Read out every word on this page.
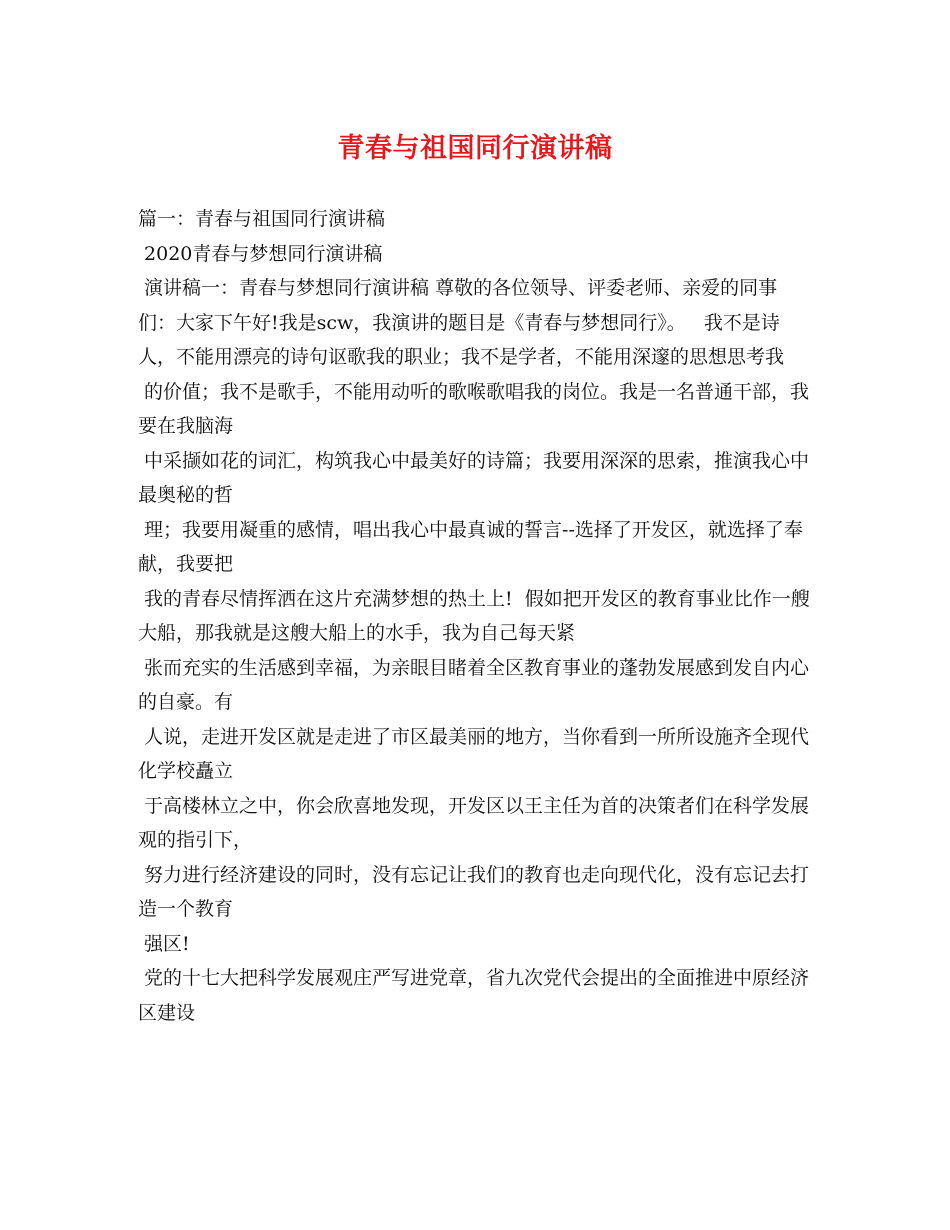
青春与祖国同行演讲稿

篇一：青春与祖国同行演讲稿

2020青春与梦想同行演讲稿

演讲稿一：青春与梦想同行演讲稿 尊敬的各位领导、评委老师、亲爱的同事们：大家下午好!我是scw，我演讲的题目是《青春与梦想同行》。   我不是诗人，不能用漂亮的诗句讴歌我的职业；我不是学者，不能用深邃的思想思考我

的价值；我不是歌手，不能用动听的歌喉歌唱我的岗位。我是一名普通干部，我要在我脑海

中采撷如花的词汇，构筑我心中最美好的诗篇；我要用深深的思索，推演我心中最奥秘的哲

理；我要用凝重的感情，唱出我心中最真诚的誓言--选择了开发区，就选择了奉献，我要把

我的青春尽情挥洒在这片充满梦想的热土上!  假如把开发区的教育事业比作一艘大船，那我就是这艘大船上的水手，我为自己每天紧

张而充实的生活感到幸福，为亲眼目睹着全区教育事业的蓬勃发展感到发自内心的自豪。有

人说，走进开发区就是走进了市区最美丽的地方，当你看到一所所设施齐全现代化学校矗立

于高楼林立之中，你会欣喜地发现，开发区以王主任为首的决策者们在科学发展观的指引下，

努力进行经济建设的同时，没有忘记让我们的教育也走向现代化，没有忘记去打造一个教育

强区!

党的十七大把科学发展观庄严写进党章，省九次党代会提出的全面推进中原经济区建设
